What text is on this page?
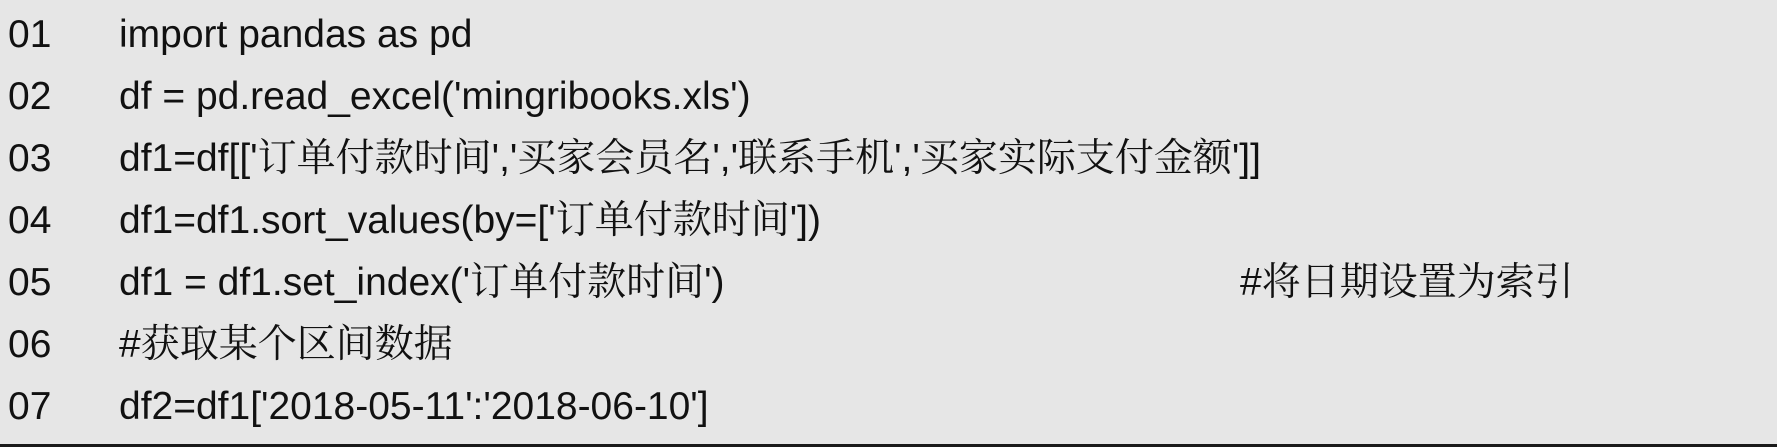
01 import pandas as pd
02 df = pd.read_excel('mingribooks.xls')
03 df1=df[['订单付款时间','买家会员名','联系手机','买家实际支付金额']]
04 df1=df1.sort_values(by=['订单付款时间'])
05 df1 = df1.set_index('订单付款时间')	#将日期设置为索引
06 #获取某个区间数据
07 df2=df1['2018-05-11':'2018-06-10']
